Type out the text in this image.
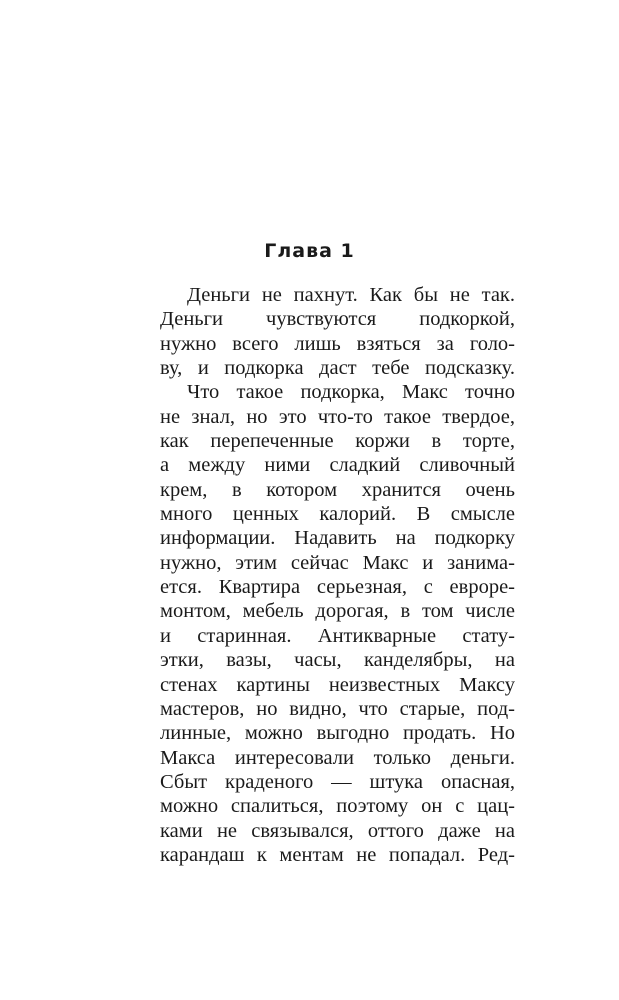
Глава 1
Деньги не пахнут. Как бы не так.
Деньги чувствуются подкоркой,
нужно всего лишь взяться за голо-
ву, и подкорка даст тебе подсказку.
Что такое подкорка, Макс точно
не знал, но это что-то такое твердое,
как перепеченные коржи в торте,
а между ними сладкий сливочный
крем, в котором хранится очень
много ценных калорий. В смысле
информации. Надавить на подкорку
нужно, этим сейчас Макс и занима-
ется. Квартира серьезная, с евроре-
монтом, мебель дорогая, в том числе
и старинная. Антикварные стату-
этки, вазы, часы, канделябры, на
стенах картины неизвестных Максу
мастеров, но видно, что старые, под-
линные, можно выгодно продать. Но
Макса интересовали только деньги.
Сбыт краденого — штука опасная,
можно спалиться, поэтому он с цац-
ками не связывался, оттого даже на
карандаш к ментам не попадал. Ред-
